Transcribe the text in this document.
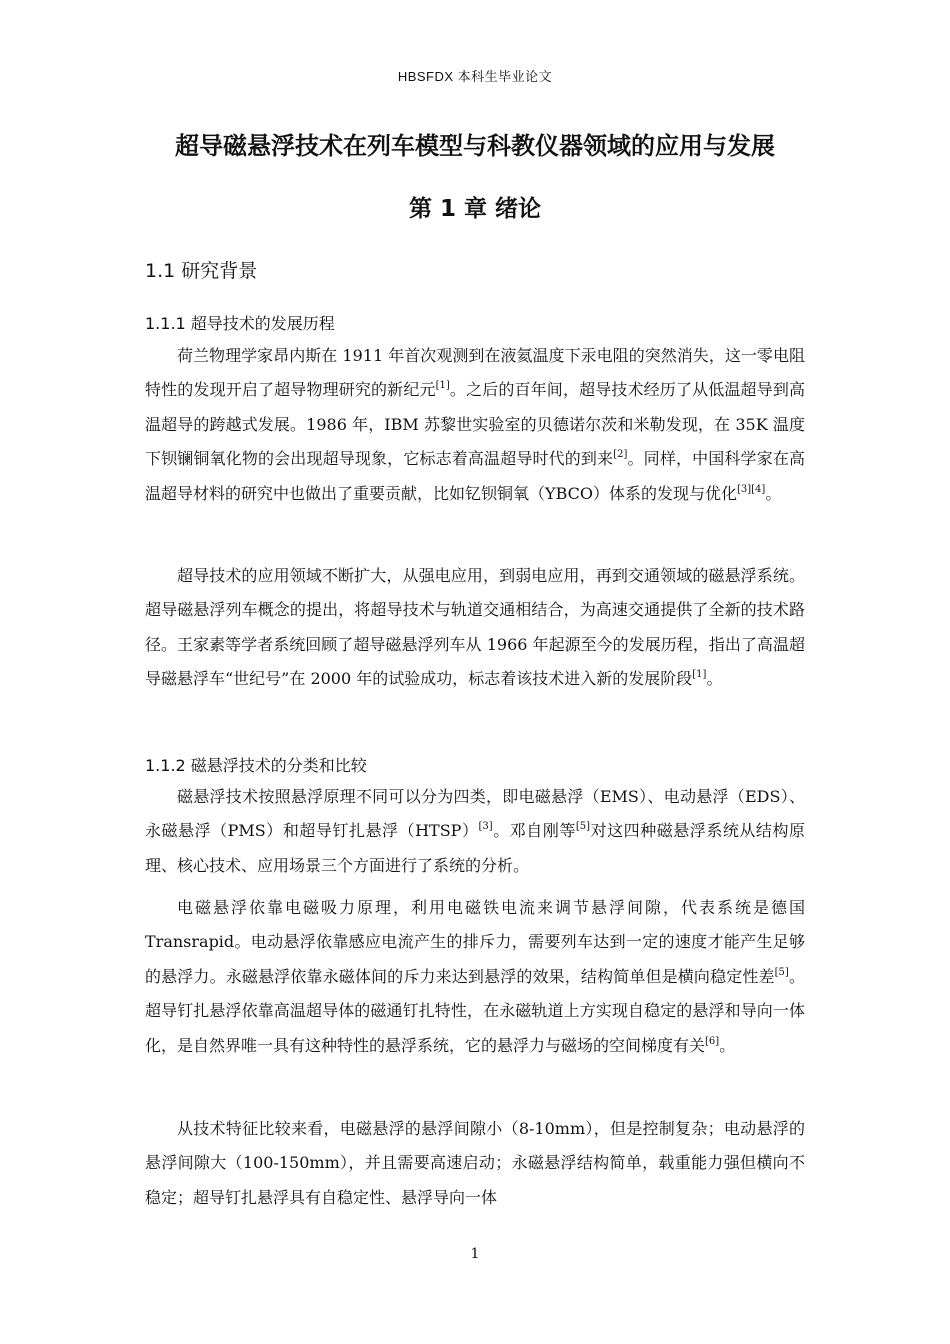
HBSFDX 本科生毕业论文
超导磁悬浮技术在列车模型与科教仪器领域的应用与发展
第 1 章 绪论
1.1 研究背景
1.1.1 超导技术的发展历程

荷兰物理学家昂内斯在 1911 年首次观测到在液氦温度下汞电阻的突然消失，这一零电阻特性的发现开启了超导物理研究的新纪元[1]。之后的百年间，超导技术经历了从低温超导到高温超导的跨越式发展。1986 年，IBM 苏黎世实验室的贝德诺尔茨和米勒发现，在 35K 温度下钡镧铜氧化物的会出现超导现象，它标志着高温超导时代的到来[2]。同样，中国科学家在高温超导材料的研究中也做出了重要贡献，比如钇钡铜氧（YBCO）体系的发现与优化[3][4]。

超导技术的应用领域不断扩大，从强电应用，到弱电应用，再到交通领域的磁悬浮系统。超导磁悬浮列车概念的提出，将超导技术与轨道交通相结合，为高速交通提供了全新的技术路径。王家素等学者系统回顾了超导磁悬浮列车从 1966 年起源至今的发展历程，指出了高温超导磁悬浮车“世纪号”在 2000 年的试验成功，标志着该技术进入新的发展阶段[1]。

1.1.2 磁悬浮技术的分类和比较

磁悬浮技术按照悬浮原理不同可以分为四类，即电磁悬浮（EMS）、电动悬浮（EDS）、永磁悬浮（PMS）和超导钉扎悬浮（HTSP）[3]。邓自刚等[5]对这四种磁悬浮系统从结构原理、核心技术、应用场景三个方面进行了系统的分析。

电磁悬浮依靠电磁吸力原理，利用电磁铁电流来调节悬浮间隙，代表系统是德国 Transrapid。电动悬浮依靠感应电流产生的排斥力，需要列车达到一定的速度才能产生足够的悬浮力。永磁悬浮依靠永磁体间的斥力来达到悬浮的效果，结构简单但是横向稳定性差[5]。超导钉扎悬浮依靠高温超导体的磁通钉扎特性，在永磁轨道上方实现自稳定的悬浮和导向一体化，是自然界唯一具有这种特性的悬浮系统，它的悬浮力与磁场的空间梯度有关[6]。

从技术特征比较来看，电磁悬浮的悬浮间隙小（8-10mm），但是控制复杂；电动悬浮的悬浮间隙大（100-150mm），并且需要高速启动；永磁悬浮结构简单，载重能力强但横向不稳定；超导钉扎悬浮具有自稳定性、悬浮导向一体

1
